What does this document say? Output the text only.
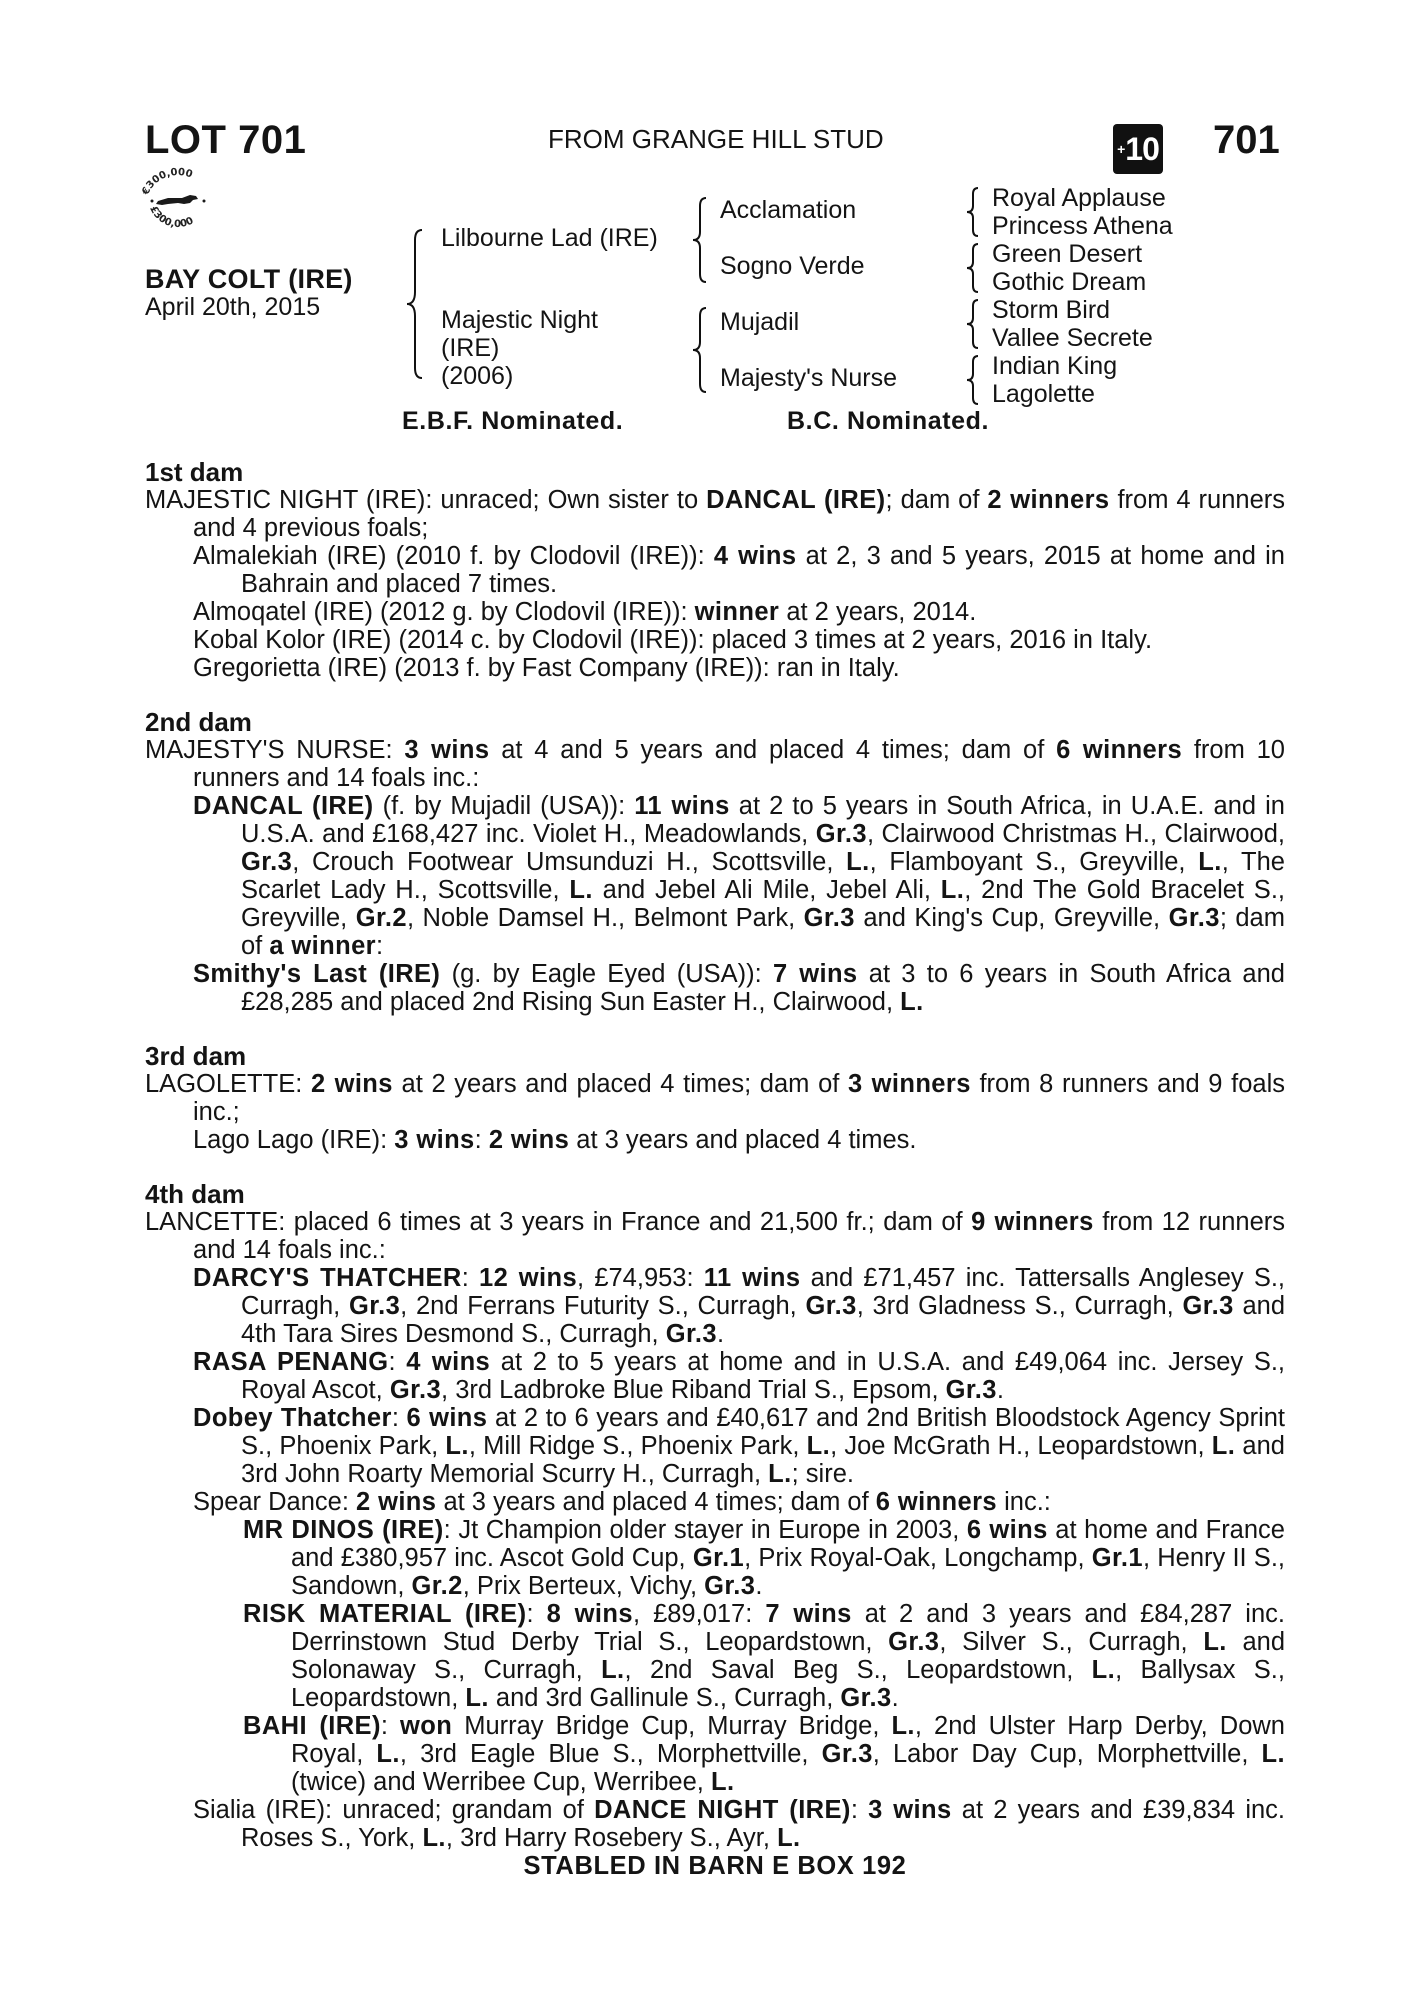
LOT 701	FROM GRANGE HILL STUD	+ 10 701
€300,000
£300,000
BAY COLT (IRE)
April 20th, 2015
Lilbourne Lad (IRE)
Majestic Night
(IRE)
(2006)
Acclamation
Sogno Verde
Mujadil
Majesty's Nurse
Royal Applause
Princess Athena
Green Desert
Gothic Dream
Storm Bird
Vallee Secrete
Indian King
Lagolette
E.B.F. Nominated.	B.C. Nominated.
1st dam
MAJESTIC NIGHT (IRE): unraced; Own sister to DANCAL (IRE); dam of 2 winners from 4 runners and 4 previous foals;
Almalekiah (IRE) (2010 f. by Clodovil (IRE)): 4 wins at 2, 3 and 5 years, 2015 at home and in Bahrain and placed 7 times.
Almoqatel (IRE) (2012 g. by Clodovil (IRE)): winner at 2 years, 2014.
Kobal Kolor (IRE) (2014 c. by Clodovil (IRE)): placed 3 times at 2 years, 2016 in Italy.
Gregorietta (IRE) (2013 f. by Fast Company (IRE)): ran in Italy.
2nd dam
MAJESTY'S NURSE: 3 wins at 4 and 5 years and placed 4 times; dam of 6 winners from 10 runners and 14 foals inc.:
DANCAL (IRE) (f. by Mujadil (USA)): 11 wins at 2 to 5 years in South Africa, in U.A.E. and in U.S.A. and £168,427 inc. Violet H., Meadowlands, Gr.3, Clairwood Christmas H., Clairwood, Gr.3, Crouch Footwear Umsunduzi H., Scottsville, L., Flamboyant S., Greyville, L., The Scarlet Lady H., Scottsville, L. and Jebel Ali Mile, Jebel Ali, L., 2nd The Gold Bracelet S., Greyville, Gr.2, Noble Damsel H., Belmont Park, Gr.3 and King's Cup, Greyville, Gr.3; dam of a winner:
Smithy's Last (IRE) (g. by Eagle Eyed (USA)): 7 wins at 3 to 6 years in South Africa and £28,285 and placed 2nd Rising Sun Easter H., Clairwood, L.
3rd dam
LAGOLETTE: 2 wins at 2 years and placed 4 times; dam of 3 winners from 8 runners and 9 foals inc.;
Lago Lago (IRE): 3 wins: 2 wins at 3 years and placed 4 times.
4th dam
LANCETTE: placed 6 times at 3 years in France and 21,500 fr.; dam of 9 winners from 12 runners and 14 foals inc.:
DARCY'S THATCHER: 12 wins, £74,953: 11 wins and £71,457 inc. Tattersalls Anglesey S., Curragh, Gr.3, 2nd Ferrans Futurity S., Curragh, Gr.3, 3rd Gladness S., Curragh, Gr.3 and 4th Tara Sires Desmond S., Curragh, Gr.3.
RASA PENANG: 4 wins at 2 to 5 years at home and in U.S.A. and £49,064 inc. Jersey S., Royal Ascot, Gr.3, 3rd Ladbroke Blue Riband Trial S., Epsom, Gr.3.
Dobey Thatcher: 6 wins at 2 to 6 years and £40,617 and 2nd British Bloodstock Agency Sprint S., Phoenix Park, L., Mill Ridge S., Phoenix Park, L., Joe McGrath H., Leopardstown, L. and 3rd John Roarty Memorial Scurry H., Curragh, L.; sire.
Spear Dance: 2 wins at 3 years and placed 4 times; dam of 6 winners inc.:
MR DINOS (IRE): Jt Champion older stayer in Europe in 2003, 6 wins at home and France and £380,957 inc. Ascot Gold Cup, Gr.1, Prix Royal-Oak, Longchamp, Gr.1, Henry II S., Sandown, Gr.2, Prix Berteux, Vichy, Gr.3.
RISK MATERIAL (IRE): 8 wins, £89,017: 7 wins at 2 and 3 years and £84,287 inc. Derrinstown Stud Derby Trial S., Leopardstown, Gr.3, Silver S., Curragh, L. and Solonaway S., Curragh, L., 2nd Saval Beg S., Leopardstown, L., Ballysax S., Leopardstown, L. and 3rd Gallinule S., Curragh, Gr.3.
BAHI (IRE): won Murray Bridge Cup, Murray Bridge, L., 2nd Ulster Harp Derby, Down Royal, L., 3rd Eagle Blue S., Morphettville, Gr.3, Labor Day Cup, Morphettville, L. (twice) and Werribee Cup, Werribee, L.
Sialia (IRE): unraced; grandam of DANCE NIGHT (IRE): 3 wins at 2 years and £39,834 inc. Roses S., York, L., 3rd Harry Rosebery S., Ayr, L.
STABLED IN BARN E BOX 192
